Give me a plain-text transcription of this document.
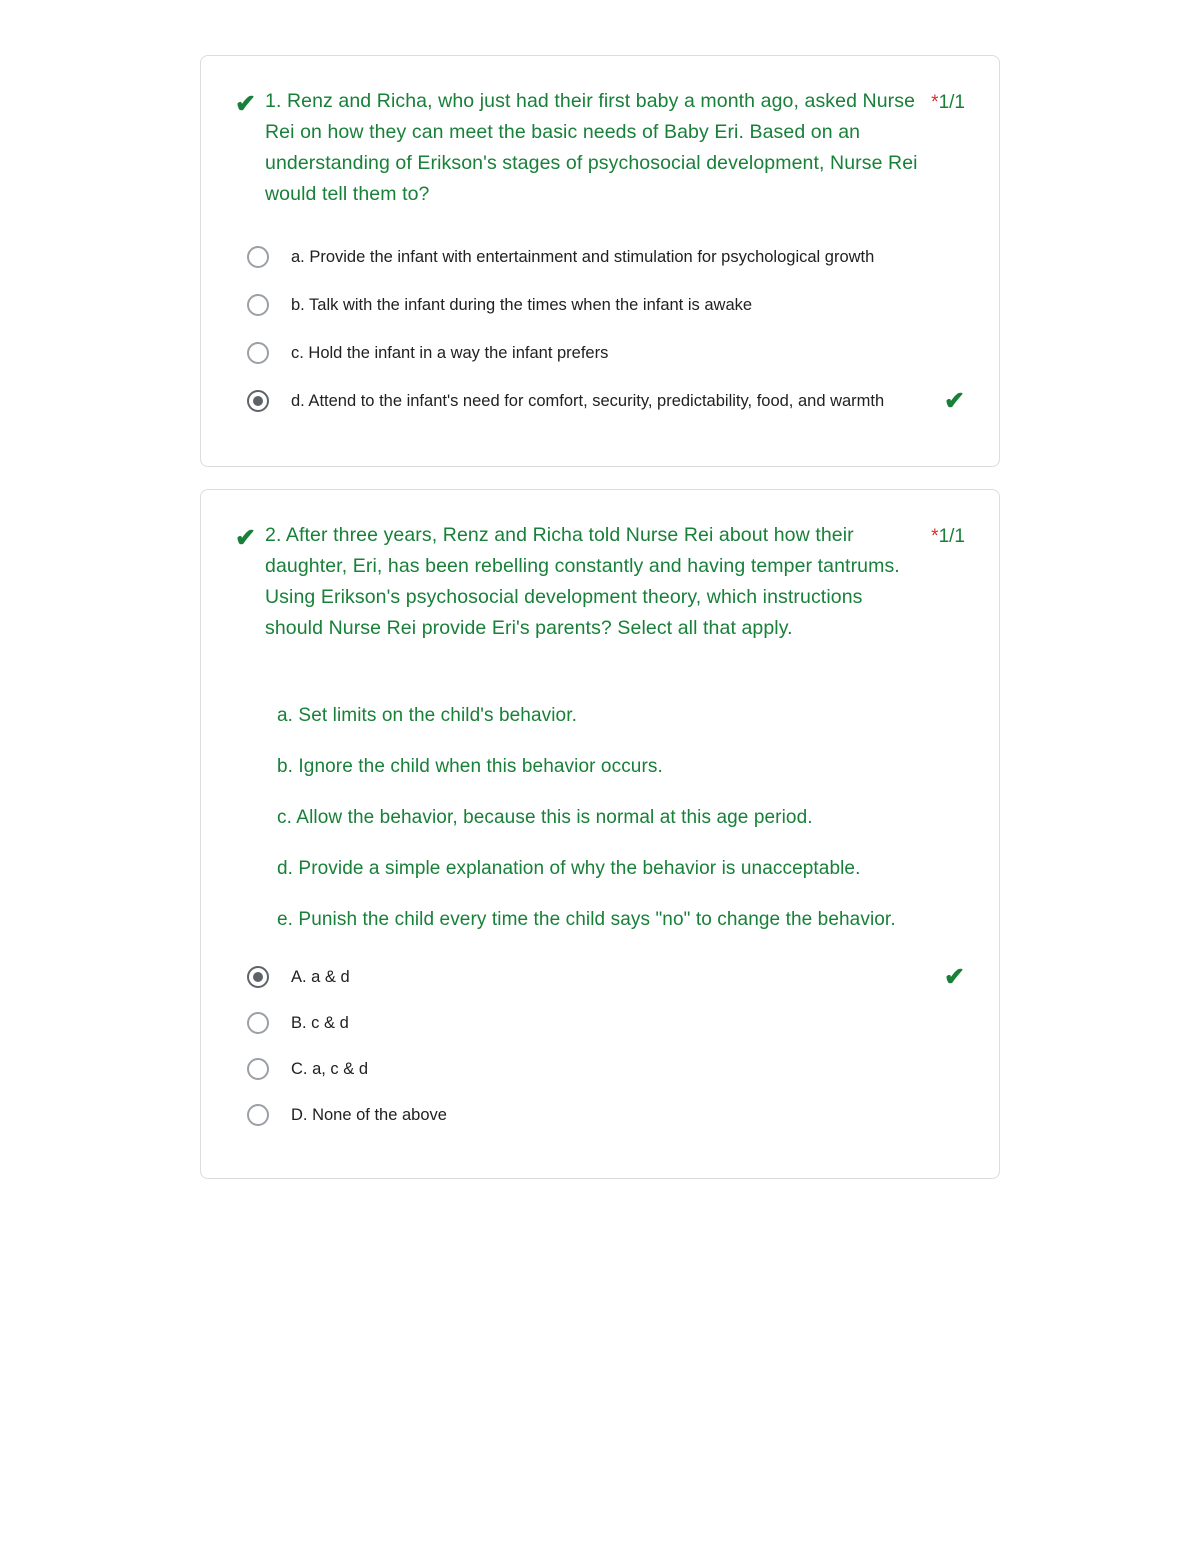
✔ 1. Renz and Richa, who just had their first baby a month ago, asked Nurse Rei on how they can meet the basic needs of Baby Eri. Based on an understanding of Erikson's stages of psychosocial development, Nurse Rei would tell them to?
*1/1
a. Provide the infant with entertainment and stimulation for psychological growth
b. Talk with the infant during the times when the infant is awake
c. Hold the infant in a way the infant prefers
d. Attend to the infant's need for comfort, security, predictability, food, and warmth	✔
✔ 2. After three years, Renz and Richa told Nurse Rei about how their daughter, Eri, has been rebelling constantly and having temper tantrums. Using Erikson's psychosocial development theory, which instructions should Nurse Rei provide Eri's parents? Select all that apply.
*1/1
a. Set limits on the child's behavior.
b. Ignore the child when this behavior occurs.
c. Allow the behavior, because this is normal at this age period.
d. Provide a simple explanation of why the behavior is unacceptable.
e. Punish the child every time the child says "no" to change the behavior.
A. a & d	✔
B. c & d
C. a, c & d
D. None of the above
